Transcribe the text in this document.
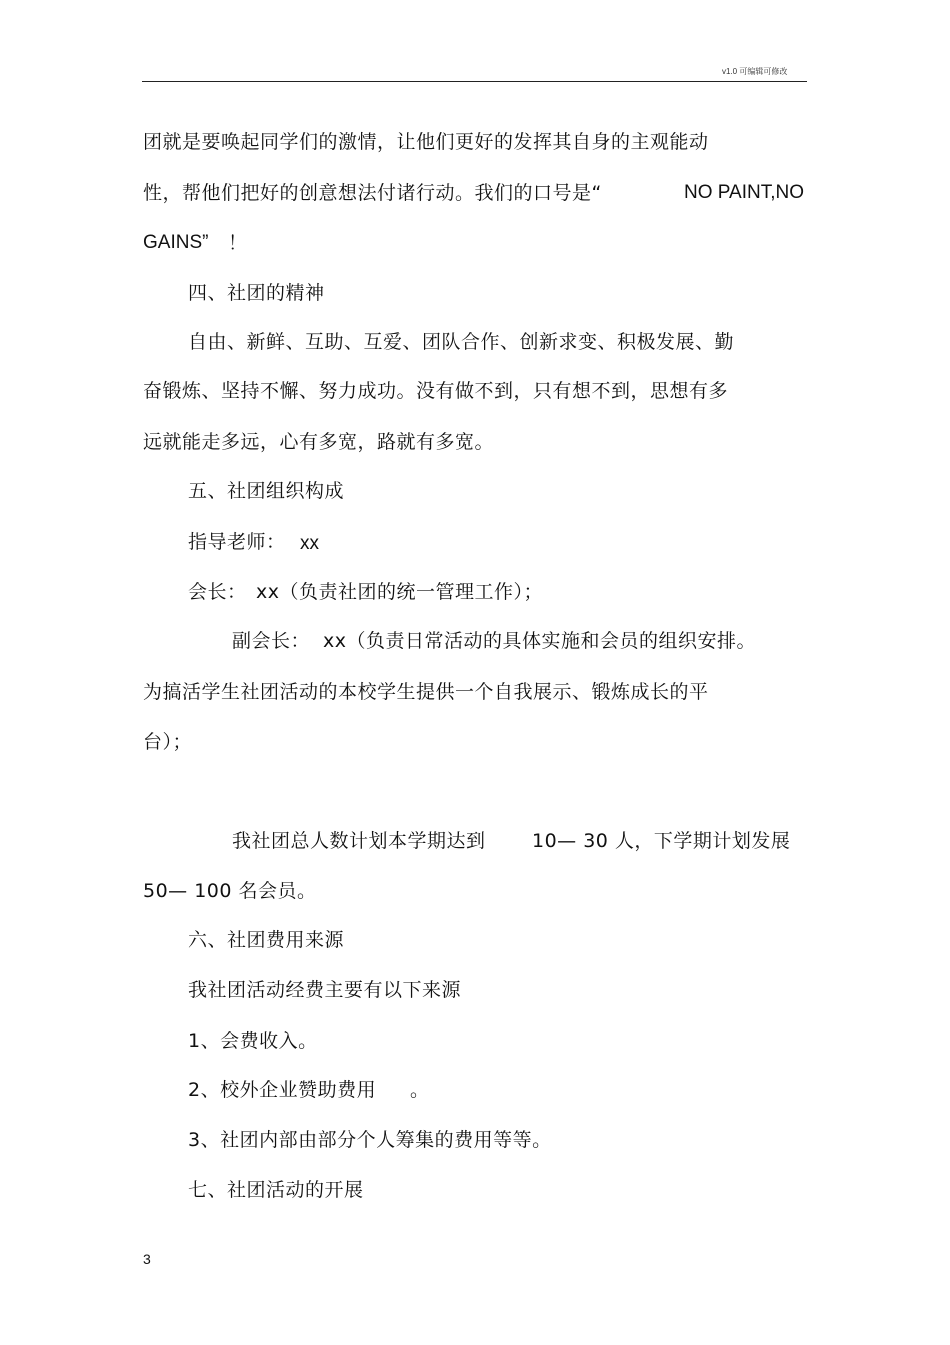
v1.0 可编辑可修改
团就是要唤起同学们的激情，让他们更好的发挥其自身的主观能动
性，帮他们把好的创意想法付诸行动。我们的口号是“	NO PAINT,NO
GAINS” ！
四、社团的精神
自由、新鲜、互助、互爱、团队合作、创新求变、积极发展、勤
奋锻炼、坚持不懈、努力成功。没有做不到，只有想不到，思想有多
远就能走多远，心有多宽，路就有多宽。
五、社团组织构成
指导老师： xx
会长： xx（负责社团的统一管理工作）；
副会长： xx（负责日常活动的具体实施和会员的组织安排。
为搞活学生社团活动的本校学生提供一个自我展示、锻炼成长的平
台）；
我社团总人数计划本学期达到 10— 30 人，下学期计划发展
50— 100 名会员。
六、社团费用来源
我社团活动经费主要有以下来源
1、会费收入。
2、校外企业赞助费用 。
3、社团内部由部分个人筹集的费用等等。
七、社团活动的开展
3
